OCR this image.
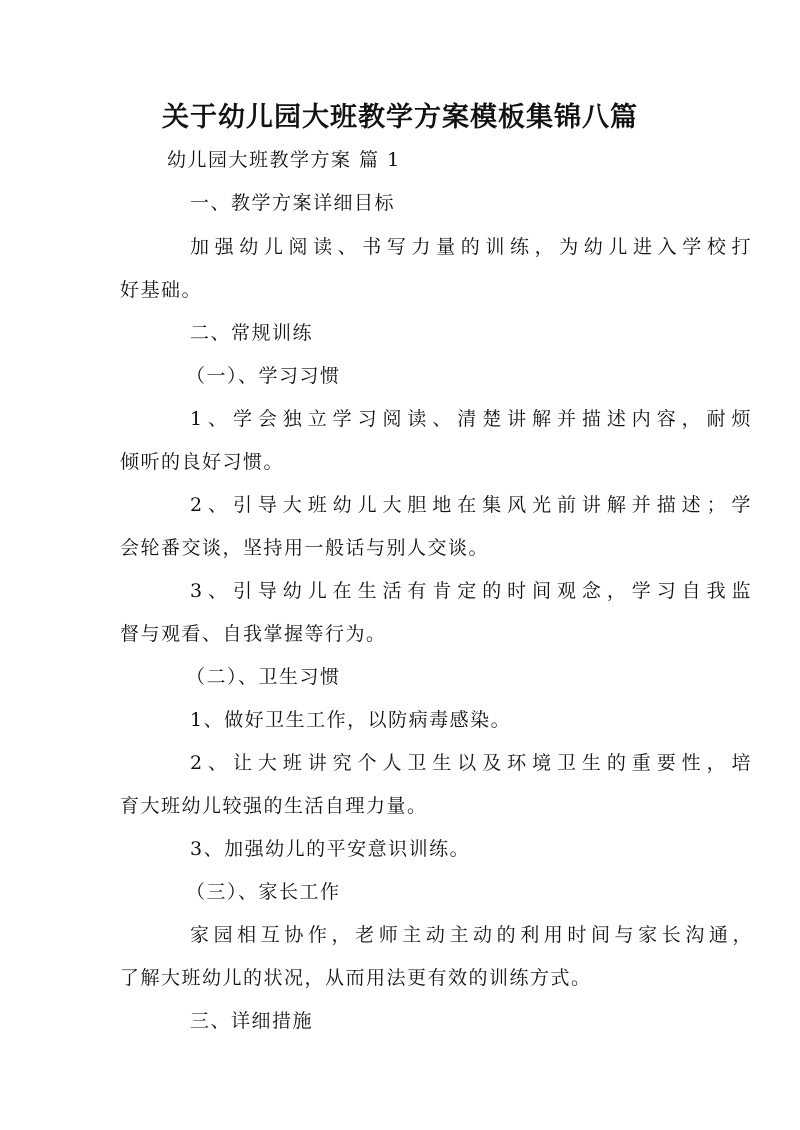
关于幼儿园大班教学方案模板集锦八篇

幼儿园大班教学方案 篇 1

一、教学方案详细目标

加强幼儿阅读、书写力量的训练，为幼儿进入学校打

好基础。

二、常规训练

（一）、学习习惯

1、学会独立学习阅读、清楚讲解并描述内容，耐烦

倾听的良好习惯。

2、引导大班幼儿大胆地在集风光前讲解并描述；学

会轮番交谈，坚持用一般话与别人交谈。

3、引导幼儿在生活有肯定的时间观念，学习自我监

督与观看、自我掌握等行为。

（二）、卫生习惯

1、做好卫生工作，以防病毒感染。

2、让大班讲究个人卫生以及环境卫生的重要性，培

育大班幼儿较强的生活自理力量。

3、加强幼儿的平安意识训练。

（三）、家长工作

家园相互协作，老师主动主动的利用时间与家长沟通，

了解大班幼儿的状况，从而用法更有效的训练方式。

三、详细措施
